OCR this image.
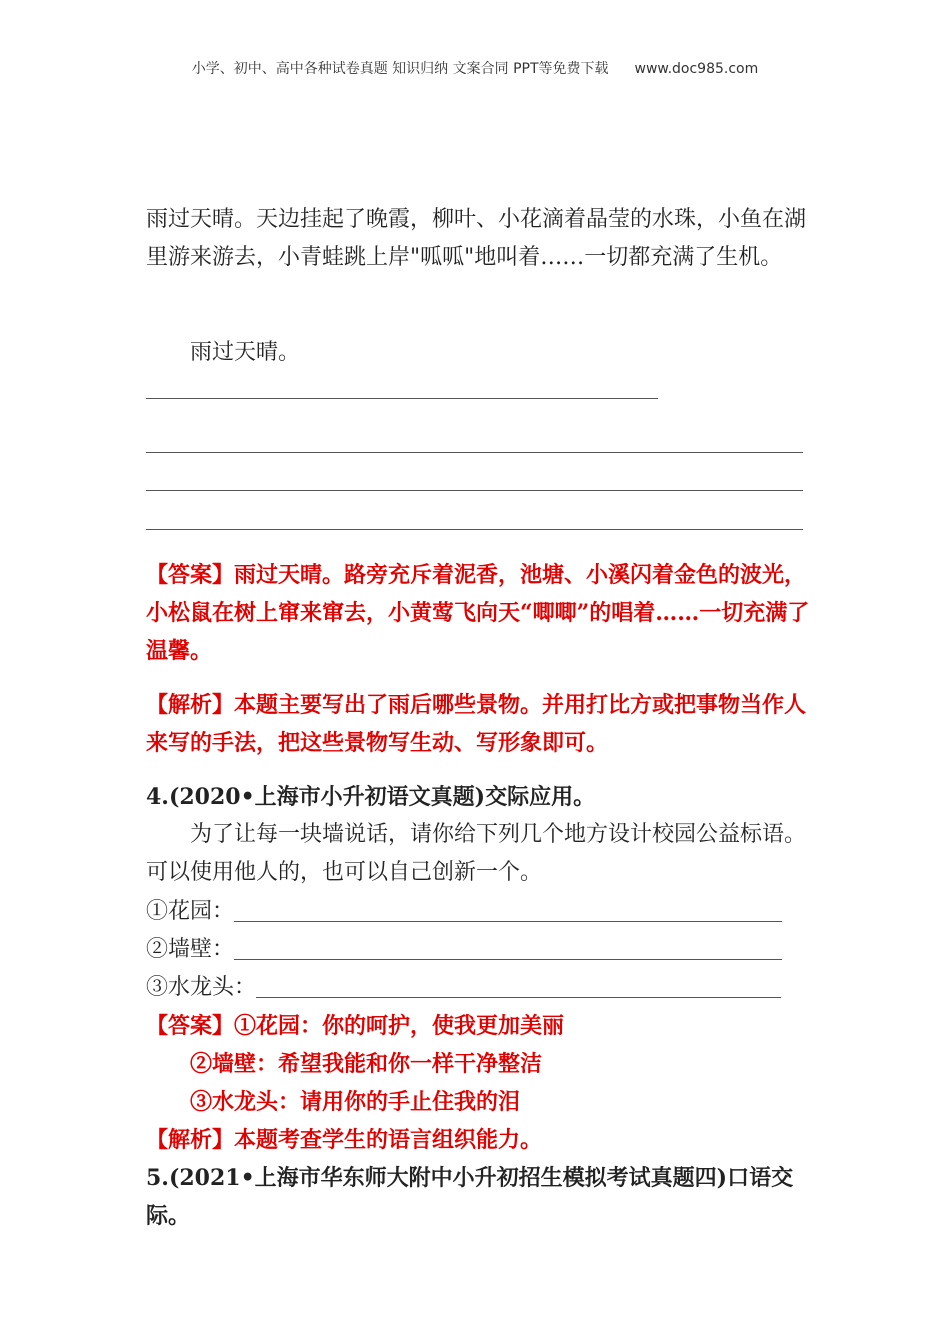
小学、初中、高中各种试卷真题 知识归纳 文案合同 PPT等免费下载 www.doc985.com

雨过天晴。天边挂起了晚霞，柳叶、小花滴着晶莹的水珠，小鱼在湖里游来游去，小青蛙跳上岸"呱呱"地叫着……一切都充满了生机。

雨过天晴。

【答案】雨过天晴。路旁充斥着泥香，池塘、小溪闪着金色的波光，小松鼠在树上窜来窜去，小黄莺飞向天“唧唧”的唱着……一切充满了温馨。

【解析】本题主要写出了雨后哪些景物。并用打比方或把事物当作人来写的手法，把这些景物写生动、写形象即可。

4.(2020•上海市小升初语文真题)交际应用。

为了让每一块墙说话，请你给下列几个地方设计校园公益标语。可以使用他人的，也可以自己创新一个。

①花园：
②墙壁：
③水龙头：
【答案】①花园：你的呵护，使我更加美丽
②墙壁：希望我能和你一样干净整洁
③水龙头：请用你的手止住我的泪
【解析】本题考查学生的语言组织能力。

5.(2021•上海市华东师大附中小升初招生模拟考试真题四)口语交际。
